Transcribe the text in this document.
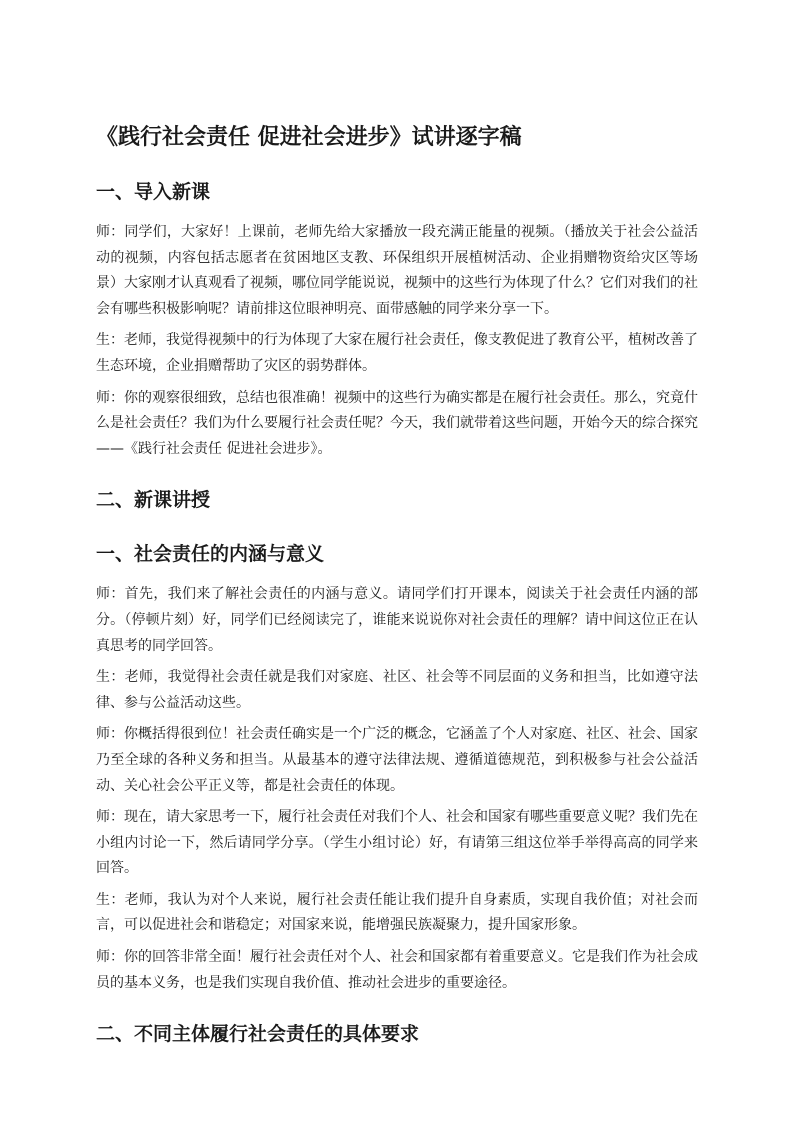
《践行社会责任 促进社会进步》试讲逐字稿
一、导入新课

师：同学们，大家好！上课前，老师先给大家播放一段充满正能量的视频。（播放关于社会公益活动的视频，内容包括志愿者在贫困地区支教、环保组织开展植树活动、企业捐赠物资给灾区等场景）大家刚才认真观看了视频，哪位同学能说说，视频中的这些行为体现了什么？它们对我们的社会有哪些积极影响呢？请前排这位眼神明亮、面带感触的同学来分享一下。

生：老师，我觉得视频中的行为体现了大家在履行社会责任，像支教促进了教育公平，植树改善了生态环境，企业捐赠帮助了灾区的弱势群体。

师：你的观察很细致，总结也很准确！视频中的这些行为确实都是在履行社会责任。那么，究竟什么是社会责任？我们为什么要履行社会责任呢？今天，我们就带着这些问题，开始今天的综合探究 ——《践行社会责任 促进社会进步》。

二、新课讲授
一、社会责任的内涵与意义

师：首先，我们来了解社会责任的内涵与意义。请同学们打开课本，阅读关于社会责任内涵的部分。（停顿片刻）好，同学们已经阅读完了，谁能来说说你对社会责任的理解？请中间这位正在认真思考的同学回答。

生：老师，我觉得社会责任就是我们对家庭、社区、社会等不同层面的义务和担当，比如遵守法律、参与公益活动这些。

师：你概括得很到位！社会责任确实是一个广泛的概念，它涵盖了个人对家庭、社区、社会、国家乃至全球的各种义务和担当。从最基本的遵守法律法规、遵循道德规范，到积极参与社会公益活动、关心社会公平正义等，都是社会责任的体现。

师：现在，请大家思考一下，履行社会责任对我们个人、社会和国家有哪些重要意义呢？我们先在小组内讨论一下，然后请同学分享。（学生小组讨论）好，有请第三组这位举手举得高高的同学来回答。

生：老师，我认为对个人来说，履行社会责任能让我们提升自身素质，实现自我价值；对社会而言，可以促进社会和谐稳定；对国家来说，能增强民族凝聚力，提升国家形象。

师：你的回答非常全面！履行社会责任对个人、社会和国家都有着重要意义。它是我们作为社会成员的基本义务，也是我们实现自我价值、推动社会进步的重要途径。

二、不同主体履行社会责任的具体要求
